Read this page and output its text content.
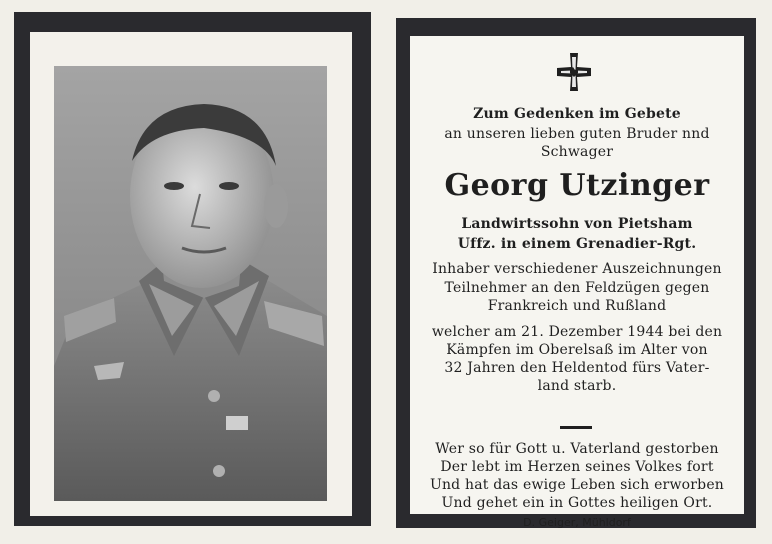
Zum Gedenken im Gebete
an unseren lieben guten Bruder nnd
Schwager
Georg Utzinger
Landwirtssohn von Pietsham
Uffz. in einem Grenadier-Rgt.
Inhaber verschiedener Auszeichnungen
Teilnehmer an den Feldzügen gegen
Frankreich und Rußland
welcher am 21. Dezember 1944 bei den
Kämpfen im Oberelsaß im Alter von
32 Jahren den Heldentod fürs Vater-
land starb.
Wer so für Gott u. Vaterland gestorben
Der lebt im Herzen seines Volkes fort
Und hat das ewige Leben sich erworben
Und gehet ein in Gottes heiligen Ort.
D. Geiger, Mühldorf
